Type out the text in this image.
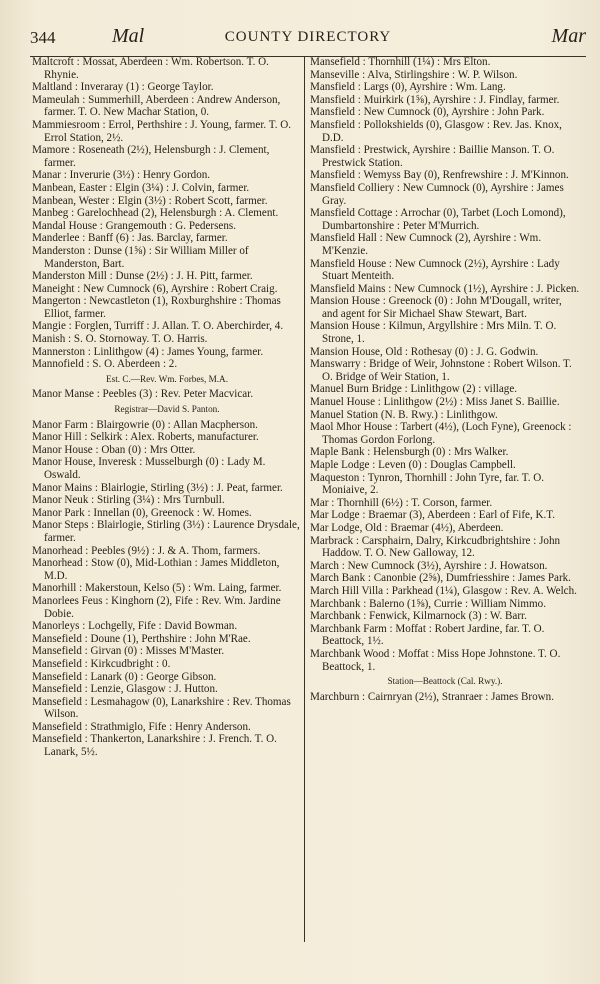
344	Mal	COUNTY DIRECTORY	Mar

Maltcroft : Mossat, Aberdeen : Wm. Robertson. T. O. Rhynie.

Maltland : Inveraray (1) : George Taylor.

Mameulah : Summerhill, Aberdeen : Andrew Anderson, farmer. T. O. New Machar Station, 0.

Mammiesroom : Errol, Perthshire : J. Young, farmer. T. O. Errol Station, 2½.

Mamore : Roseneath (2½), Helensburgh : J. Clement, farmer.

Manar : Inverurie (3½) : Henry Gordon.

Manbean, Easter : Elgin (3¼) : J. Colvin, farmer.

Manbean, Wester : Elgin (3½) : Robert Scott, farmer.

Manbeg : Garelochhead (2), Helensburgh : A. Clement.

Mandal House : Grangemouth : G. Pedersens.

Manderlee : Banff (6) : Jas. Barclay, farmer.

Manderston : Dunse (1⅝) : Sir William Miller of Manderston, Bart.

Manderston Mill : Dunse (2½) : J. H. Pitt, farmer.

Maneight : New Cumnock (6), Ayrshire : Robert Craig.

Mangerton : Newcastleton (1), Roxburghshire : Thomas Elliot, farmer.

Mangie : Forglen, Turriff : J. Allan. T. O. Aberchirder, 4.

Manish : S. O. Stornoway. T. O. Harris.

Mannerston : Linlithgow (4) : James Young, farmer.

Mannofield : S. O. Aberdeen : 2.

Est. C.—Rev. Wm. Forbes, M.A.

Manor Manse : Peebles (3) : Rev. Peter Macvicar.

Registrar—David S. Panton.

Manor Farm : Blairgowrie (0) : Allan Macpherson.

Manor Hill : Selkirk : Alex. Roberts, manufacturer.

Manor House : Oban (0) : Mrs Otter.

Manor House, Inveresk : Musselburgh (0) : Lady M. Oswald.

Manor Mains : Blairlogie, Stirling (3½) : J. Peat, farmer.

Manor Neuk : Stirling (3¼) : Mrs Turnbull.

Manor Park : Innellan (0), Greenock : W. Homes.

Manor Steps : Blairlogie, Stirling (3½) : Laurence Drysdale, farmer.

Manorhead : Peebles (9½) : J. & A. Thom, farmers.

Manorhead : Stow (0), Mid-Lothian : James Middleton, M.D.

Manorhill : Makerstoun, Kelso (5) : Wm. Laing, farmer.

Manorlees Feus : Kinghorn (2), Fife : Rev. Wm. Jardine Dobie.

Manorleys : Lochgelly, Fife : David Bowman.

Mansefield : Doune (1), Perthshire : John M'Rae.

Mansefield : Girvan (0) : Misses M'Master.

Mansefield : Kirkcudbright : 0.

Mansefield : Lanark (0) : George Gibson.

Mansefield : Lenzie, Glasgow : J. Hutton.

Mansefield : Lesmahagow (0), Lanarkshire : Rev. Thomas Wilson.

Mansefield : Strathmiglo, Fife : Henry Anderson.

Mansefield : Thankerton, Lanarkshire : J. French. T. O. Lanark, 5½.

Mansefield : Thornhill (1¼) : Mrs Elton.

Manseville : Alva, Stirlingshire : W. P. Wilson.

Mansfield : Largs (0), Ayrshire : Wm. Lang.

Mansfield : Muirkirk (1⅝), Ayrshire : J. Findlay, farmer.

Mansfield : New Cumnock (0), Ayrshire : John Park.

Mansfield : Pollokshields (0), Glasgow : Rev. Jas. Knox, D.D.

Mansfield : Prestwick, Ayrshire : Baillie Manson. T. O. Prestwick Station.

Mansfield : Wemyss Bay (0), Renfrewshire : J. M'Kinnon.

Mansfield Colliery : New Cumnock (0), Ayrshire : James Gray.

Mansfield Cottage : Arrochar (0), Tarbet (Loch Lomond), Dumbartonshire : Peter M'Murrich.

Mansfield Hall : New Cumnock (2), Ayrshire : Wm. M'Kenzie.

Mansfield House : New Cumnock (2½), Ayrshire : Lady Stuart Menteith.

Mansfield Mains : New Cumnock (1½), Ayrshire : J. Picken.

Mansion House : Greenock (0) : John M'Dougall, writer, and agent for Sir Michael Shaw Stewart, Bart.

Mansion House : Kilmun, Argyllshire : Mrs Miln. T. O. Strone, 1.

Mansion House, Old : Rothesay (0) : J. G. Godwin.

Manswarry : Bridge of Weir, Johnstone : Robert Wilson. T. O. Bridge of Weir Station, 1.

Manuel Burn Bridge : Linlithgow (2) : village.

Manuel House : Linlithgow (2½) : Miss Janet S. Baillie.

Manuel Station (N. B. Rwy.) : Linlithgow.

Maol Mhor House : Tarbert (4½), (Loch Fyne), Greenock : Thomas Gordon Forlong.

Maple Bank : Helensburgh (0) : Mrs Walker.

Maple Lodge : Leven (0) : Douglas Campbell.

Maqueston : Tynron, Thornhill : John Tyre, far. T. O. Moniaive, 2.

Mar : Thornhill (6½) : T. Corson, farmer.

Mar Lodge : Braemar (3), Aberdeen : Earl of Fife, K.T.

Mar Lodge, Old : Braemar (4½), Aberdeen.

Marbrack : Carsphairn, Dalry, Kirkcudbrightshire : John Haddow. T. O. New Galloway, 12.

March : New Cumnock (3½), Ayrshire : J. Howatson.

March Bank : Canonbie (2⅝), Dumfriesshire : James Park.

March Hill Villa : Parkhead (1¼), Glasgow : Rev. A. Welch.

Marchbank : Balerno (1⅝), Currie : William Nimmo.

Marchbank : Fenwick, Kilmarnock (3) : W. Barr.

Marchbank Farm : Moffat : Robert Jardine, far. T. O. Beattock, 1½.

Marchbank Wood : Moffat : Miss Hope Johnstone. T. O. Beattock, 1.

Station—Beattock (Cal. Rwy.).

Marchburn : Cairnryan (2½), Stranraer : James Brown.
